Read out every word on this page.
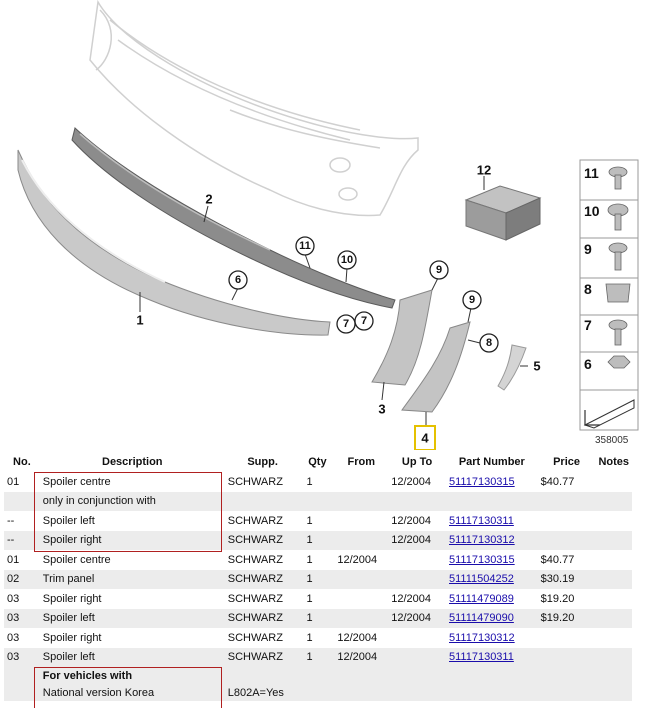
1
2
3
4
5
12
11
10
6
7 7
9
9
8
11
10
9
8
7
6
358005
No.	Description	Supp.	Qty	From	Up To	Part Number	Price	Notes
01	Spoiler centre	SCHWARZ	1		12/2004	51117130315	$40.77	
	only in conjunction with							
--	Spoiler left	SCHWARZ	1		12/2004	51117130311		
--	Spoiler right	SCHWARZ	1		12/2004	51117130312		
01	Spoiler centre	SCHWARZ	1	12/2004		51117130315	$40.77	
02	Trim panel	SCHWARZ	1			51111504252	$30.19	
03	Spoiler right	SCHWARZ	1		12/2004	51111479089	$19.20	
03	Spoiler left	SCHWARZ	1		12/2004	51111479090	$19.20	
03	Spoiler right	SCHWARZ	1	12/2004		51117130312		
03	Spoiler left	SCHWARZ	1	12/2004		51117130311		
	For vehicles with							
	National version Korea	L802A=Yes						
